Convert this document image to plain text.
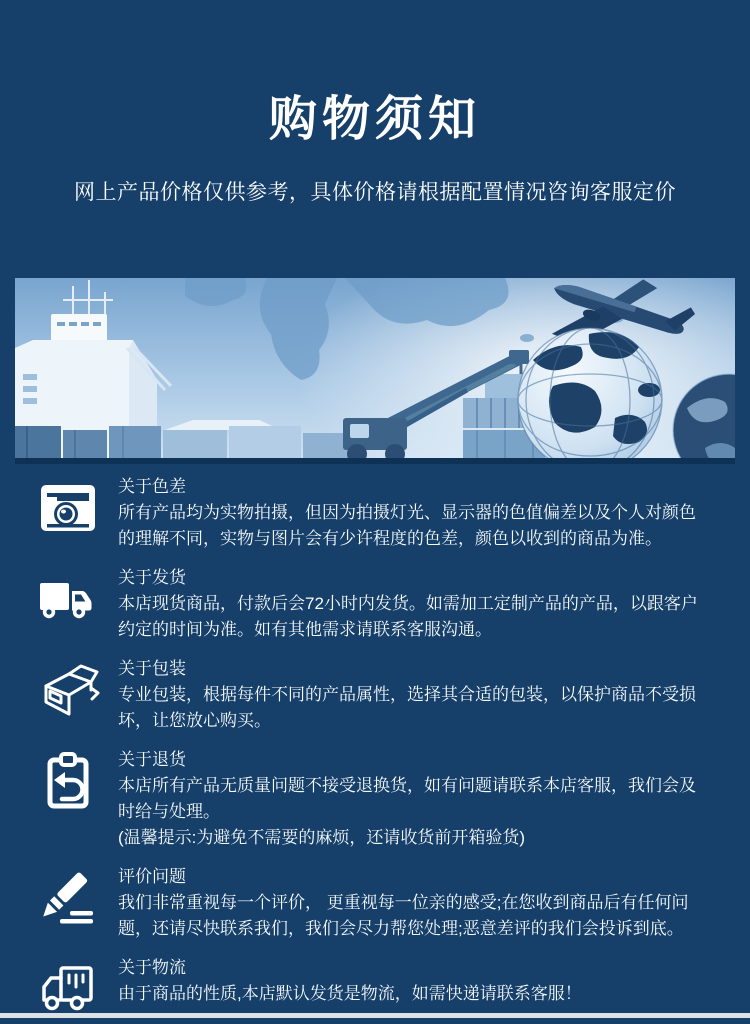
购物须知
网上产品价格仅供参考，具体价格请根据配置情况咨询客服定价
关于色差
所有产品均为实物拍摄，但因为拍摄灯光、显示器的色值偏差以及个人对颜色的理解不同，实物与图片会有少许程度的色差，颜色以收到的商品为准。
关于发货
本店现货商品，付款后会72小时内发货。如需加工定制产品的产品，以跟客户约定的时间为准。如有其他需求请联系客服沟通。
关于包装
专业包装，根据每件不同的产品属性，选择其合适的包装，以保护商品不受损坏，让您放心购买。
关于退货
本店所有产品无质量问题不接受退换货，如有问题请联系本店客服，我们会及时给与处理。
(温馨提示:为避免不需要的麻烦，还请收货前开箱验货)
评价问题
我们非常重视每一个评价， 更重视每一位亲的感受;在您收到商品后有任何问题，还请尽快联系我们，我们会尽力帮您处理;恶意差评的我们会投诉到底。
关于物流
由于商品的性质,本店默认发货是物流，如需快递请联系客服！
